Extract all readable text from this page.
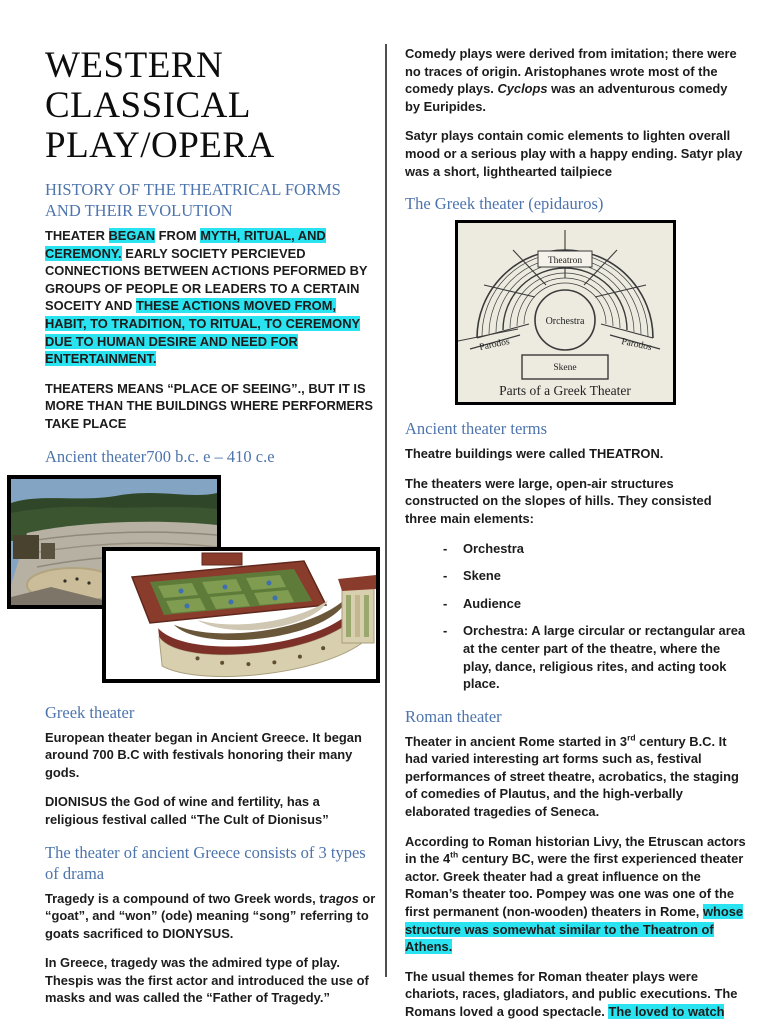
WESTERN CLASSICAL PLAY/OPERA
HISTORY OF THE THEATRICAL FORMS AND THEIR EVOLUTION

THEATER BEGAN FROM MYTH, RITUAL, AND CEREMONY. EARLY SOCIETY PERCIEVED CONNECTIONS BETWEEN ACTIONS PEFORMED BY GROUPS OF PEOPLE OR LEADERS TO A CERTAIN SOCEITY AND THESE ACTIONS MOVED FROM, HABIT, TO TRADITION, TO RITUAL, TO CEREMONY DUE TO HUMAN DESIRE AND NEED FOR ENTERTAINMENT.

THEATERS MEANS “PLACE OF SEEING”., BUT IT IS MORE THAN THE BUILDINGS WHERE PERFORMERS TAKE PLACE

Ancient theater700 b.c. e – 410 c.e
Greek theater

European theater began in Ancient Greece. It began around 700 B.C with festivals honoring their many gods.

DIONISUS the God of wine and fertility, has a religious festival called “The Cult of Dionisus”

The theater of ancient Greece consists of 3 types of drama

Tragedy is a compound of two Greek words, tragos or “goat”, and “won” (ode) meaning “song” referring to goats sacrificed to DIONYSUS.

In Greece, tragedy was the admired type of play. Thespis was the first actor and introduced the use of masks and was called the “Father of Tragedy.”

Comedy plays were derived from imitation; there were no traces of origin. Aristophanes wrote most of the comedy plays. Cyclops was an adventurous comedy by Euripides.

Satyr plays contain comic elements to lighten overall mood or a serious play with a happy ending. Satyr play was a short, lighthearted tailpiece

The Greek theater (epidauros)
Theatron
Orchestra
Parodos	Parodos
Skene
Parts of a Greek Theater
Ancient theater terms

Theatre buildings were called THEATRON.

The theaters were large, open-air structures constructed on the slopes of hills. They consisted three main elements:

-	Orchestra
-	Skene
-	Audience
-	Orchestra: A large circular or rectangular area at the center part of the theatre, where the play, dance, religious rites, and acting took place.
Roman theater

Theater in ancient Rome started in 3rd century B.C. It had varied interesting art forms such as, festival performances of street theatre, acrobatics, the staging of comedies of Plautus, and the high-verbally elaborated tragedies of Seneca.

According to Roman historian Livy, the Etruscan actors in the 4th century BC, were the first experienced theater actor. Greek theater had a great influence on the Roman’s theater too. Pompey was one was one of the first permanent (non-wooden) theaters in Rome, whose structure was somewhat similar to the Theatron of Athens.

The usual themes for Roman theater plays were chariots, races, gladiators, and public executions. The Romans loved a good spectacle. The loved to watch
